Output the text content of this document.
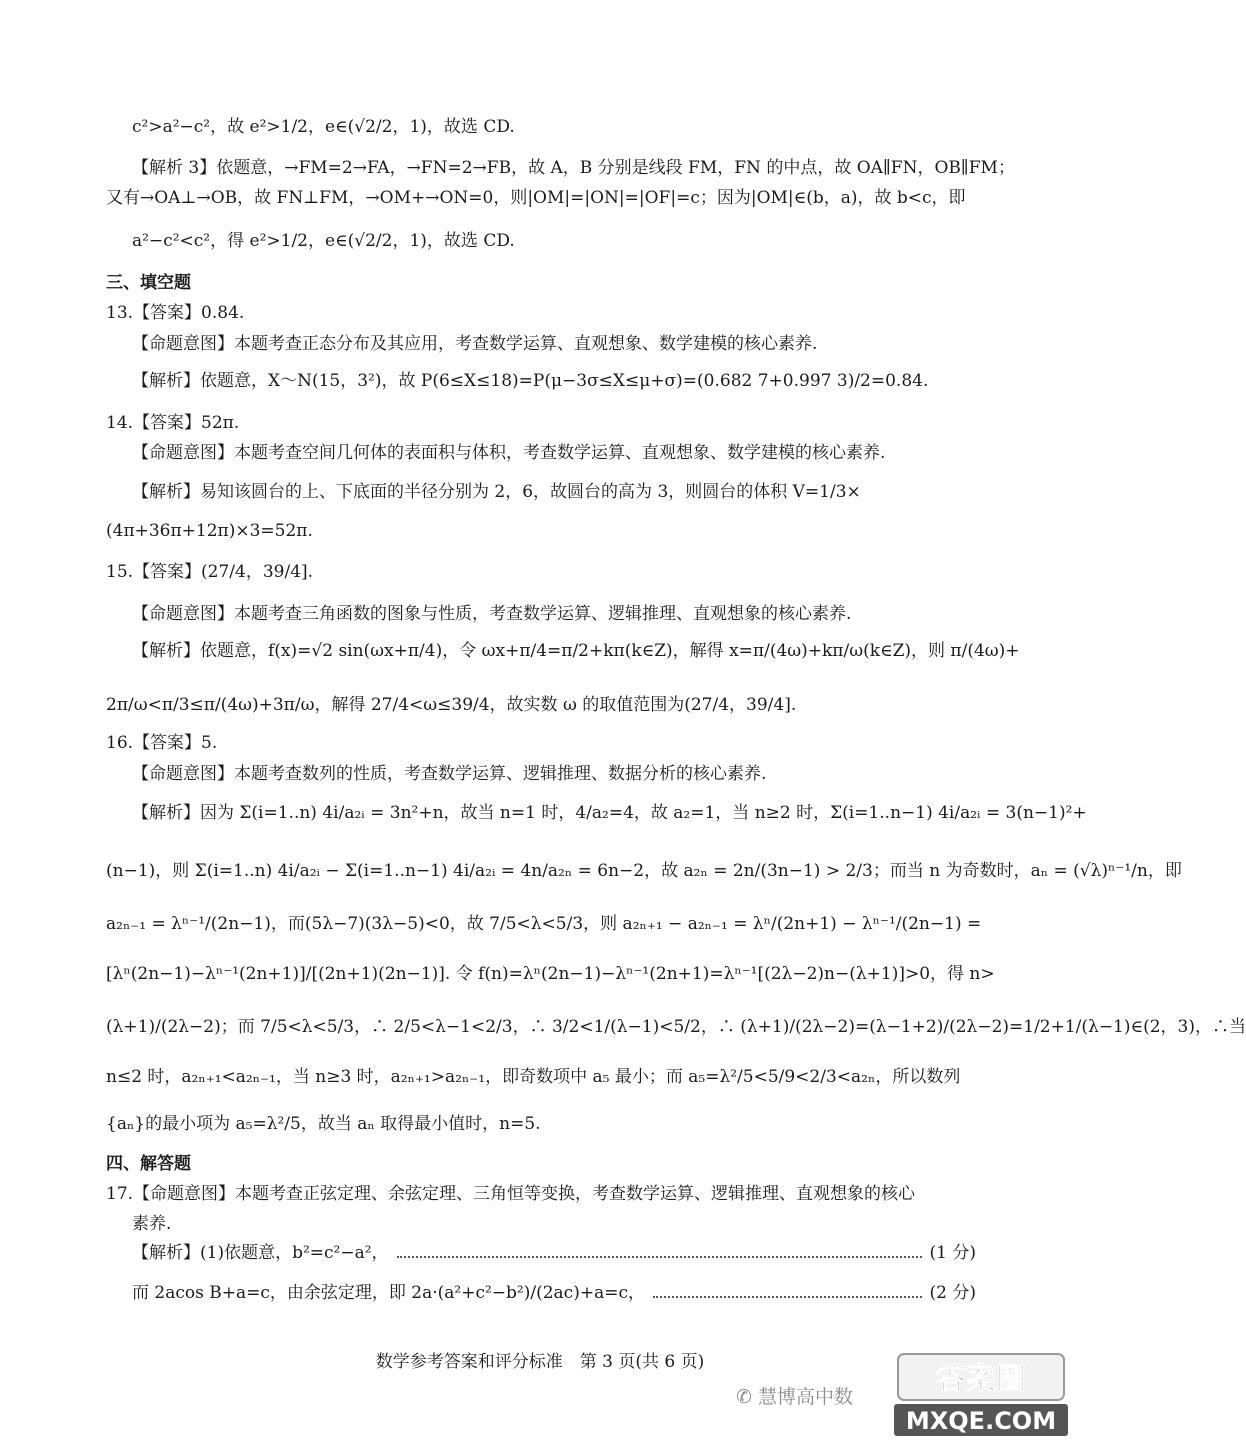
c²>a²−c²，故 e²>1/2，e∈(√2/2，1)，故选 CD.
【解析 3】依题意，→FM=2→FA，→FN=2→FB，故 A，B 分别是线段 FM，FN 的中点，故 OA∥FN，OB∥FM；
又有→OA⊥→OB，故 FN⊥FM，→OM+→ON=0，则|OM|=|ON|=|OF|=c；因为|OM|∈(b，a)，故 b<c，即
a²−c²<c²，得 e²>1/2，e∈(√2/2，1)，故选 CD.
三、填空题
13.【答案】0.84.
【命题意图】本题考查正态分布及其应用，考查数学运算、直观想象、数学建模的核心素养.
【解析】依题意，X～N(15，3²)，故 P(6≤X≤18)=P(μ−3σ≤X≤μ+σ)=(0.682 7+0.997 3)/2=0.84.
14.【答案】52π.
【命题意图】本题考查空间几何体的表面积与体积，考查数学运算、直观想象、数学建模的核心素养.
【解析】易知该圆台的上、下底面的半径分别为 2，6，故圆台的高为 3，则圆台的体积 V=1/3×
(4π+36π+12π)×3=52π.
15.【答案】(27/4，39/4].
【命题意图】本题考查三角函数的图象与性质，考查数学运算、逻辑推理、直观想象的核心素养.
【解析】依题意，f(x)=√2 sin(ωx+π/4)，令 ωx+π/4=π/2+kπ(k∈Z)，解得 x=π/(4ω)+kπ/ω(k∈Z)，则 π/(4ω)+
2π/ω<π/3≤π/(4ω)+3π/ω，解得 27/4<ω≤39/4，故实数 ω 的取值范围为(27/4，39/4].
16.【答案】5.
【命题意图】本题考查数列的性质，考查数学运算、逻辑推理、数据分析的核心素养.
【解析】因为 Σ(i=1..n) 4i/a₂ᵢ = 3n²+n，故当 n=1 时，4/a₂=4，故 a₂=1，当 n≥2 时，Σ(i=1..n−1) 4i/a₂ᵢ = 3(n−1)²+
(n−1)，则 Σ(i=1..n) 4i/a₂ᵢ − Σ(i=1..n−1) 4i/a₂ᵢ = 4n/a₂ₙ = 6n−2，故 a₂ₙ = 2n/(3n−1) > 2/3；而当 n 为奇数时，aₙ = (√λ)ⁿ⁻¹/n，即
a₂ₙ₋₁ = λⁿ⁻¹/(2n−1)，而(5λ−7)(3λ−5)<0，故 7/5<λ<5/3，则 a₂ₙ₊₁ − a₂ₙ₋₁ = λⁿ/(2n+1) − λⁿ⁻¹/(2n−1) =
[λⁿ(2n−1)−λⁿ⁻¹(2n+1)]/[(2n+1)(2n−1)]. 令 f(n)=λⁿ(2n−1)−λⁿ⁻¹(2n+1)=λⁿ⁻¹[(2λ−2)n−(λ+1)]>0，得 n>
(λ+1)/(2λ−2)；而 7/5<λ<5/3，∴ 2/5<λ−1<2/3，∴ 3/2<1/(λ−1)<5/2，∴ (λ+1)/(2λ−2)=(λ−1+2)/(2λ−2)=1/2+1/(λ−1)∈(2，3)，∴当
n≤2 时，a₂ₙ₊₁<a₂ₙ₋₁，当 n≥3 时，a₂ₙ₊₁>a₂ₙ₋₁，即奇数项中 a₅ 最小；而 a₅=λ²/5<5/9<2/3<a₂ₙ，所以数列
{aₙ}的最小项为 a₅=λ²/5，故当 aₙ 取得最小值时，n=5.
四、解答题
17.【命题意图】本题考查正弦定理、余弦定理、三角恒等变换，考查数学运算、逻辑推理、直观想象的核心
素养.
【解析】(1)依题意，b²=c²−a²，	(1 分)
而 2acos B+a=c，由余弦定理，即 2a·(a²+c²−b²)/(2ac)+a=c，	(2 分)
数学参考答案和评分标准　第 3 页(共 6 页)
✆ 慧博高中数	答案圈
MXQE.COM
